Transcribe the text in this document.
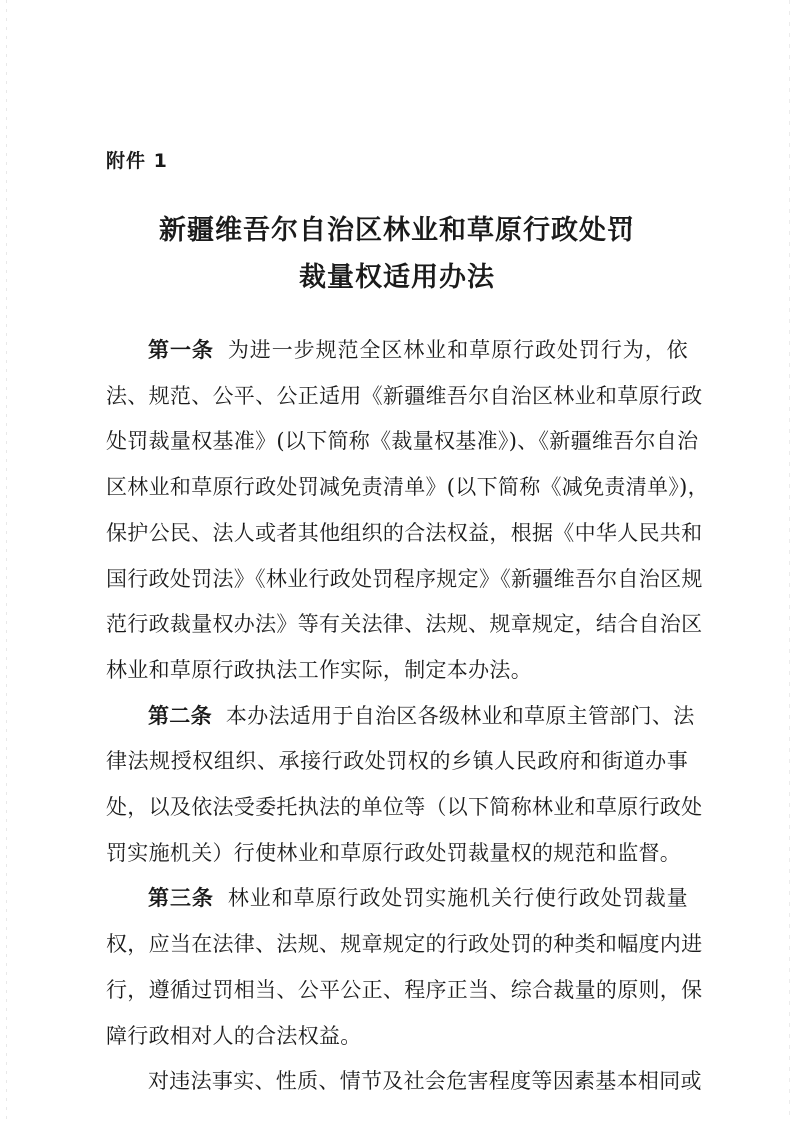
附件 1
新疆维吾尔自治区林业和草原行政处罚
裁量权适用办法
第一条 为进一步规范全区林业和草原行政处罚行为，依
法、规范、公平、公正适用《新疆维吾尔自治区林业和草原行政
处罚裁量权基准》(以下简称《裁量权基准》)、《新疆维吾尔自治
区林业和草原行政处罚减免责清单》(以下简称《减免责清单》)，
保护公民、法人或者其他组织的合法权益，根据《中华人民共和
国行政处罚法》《林业行政处罚程序规定》《新疆维吾尔自治区规
范行政裁量权办法》等有关法律、法规、规章规定，结合自治区
林业和草原行政执法工作实际，制定本办法。
第二条 本办法适用于自治区各级林业和草原主管部门、法
律法规授权组织、承接行政处罚权的乡镇人民政府和街道办事
处，以及依法受委托执法的单位等（以下简称林业和草原行政处
罚实施机关）行使林业和草原行政处罚裁量权的规范和监督。
第三条 林业和草原行政处罚实施机关行使行政处罚裁量
权，应当在法律、法规、规章规定的行政处罚的种类和幅度内进
行，遵循过罚相当、公平公正、程序正当、综合裁量的原则，保
障行政相对人的合法权益。
对违法事实、性质、情节及社会危害程度等因素基本相同或
